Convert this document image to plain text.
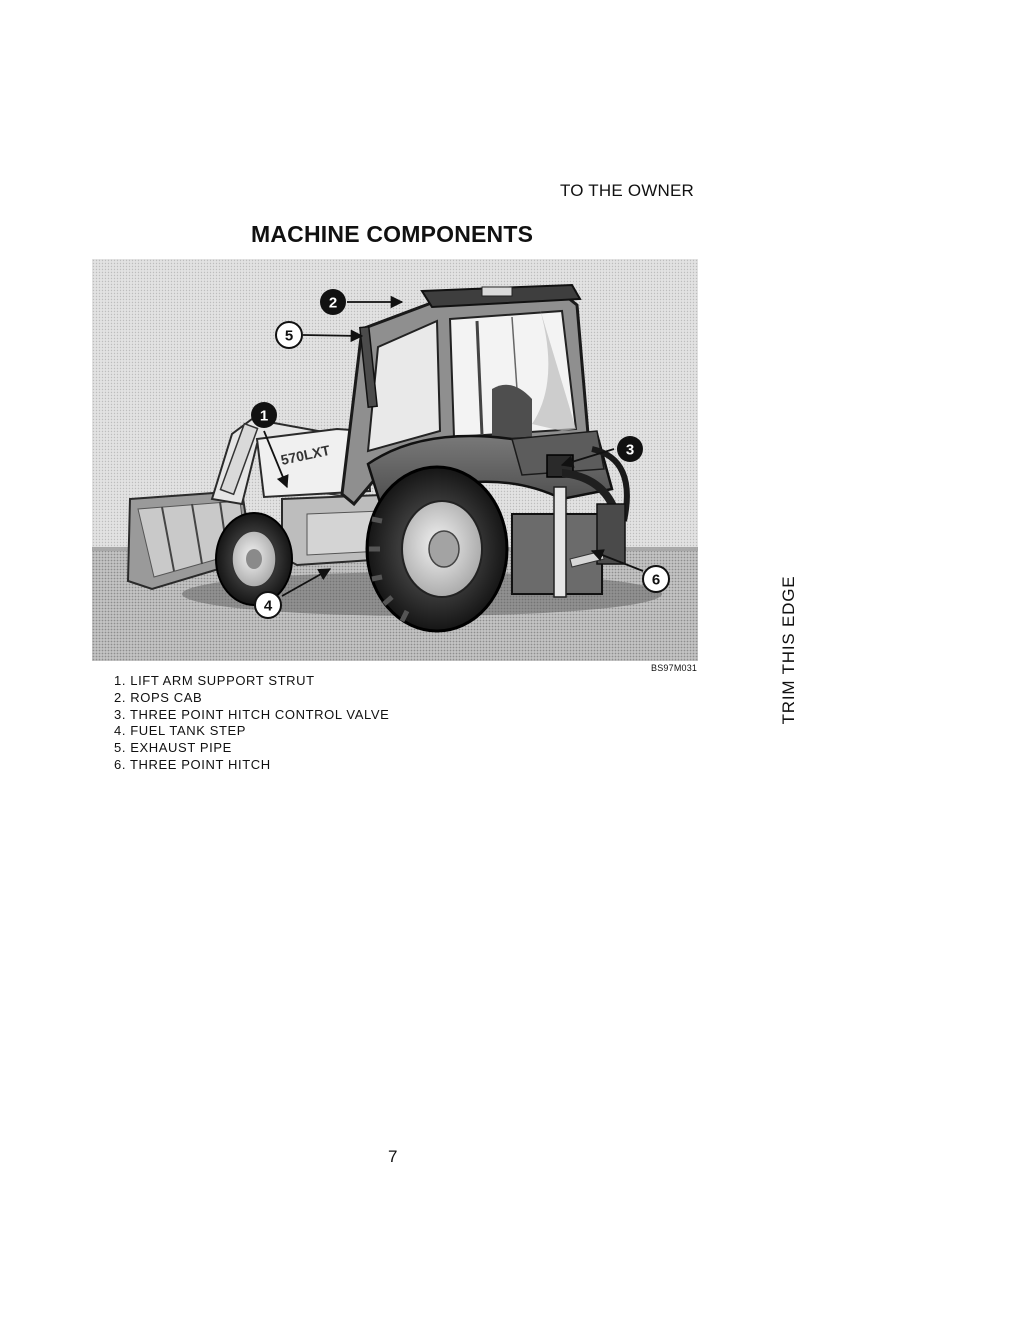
TO THE OWNER
MACHINE COMPONENTS
570LXT
1
2
3
4
5
6
BS97M031
1. LIFT ARM SUPPORT STRUT
2. ROPS CAB
3. THREE POINT HITCH CONTROL VALVE
4. FUEL TANK STEP
5. EXHAUST PIPE
6. THREE POINT HITCH
TRIM THIS EDGE
7
